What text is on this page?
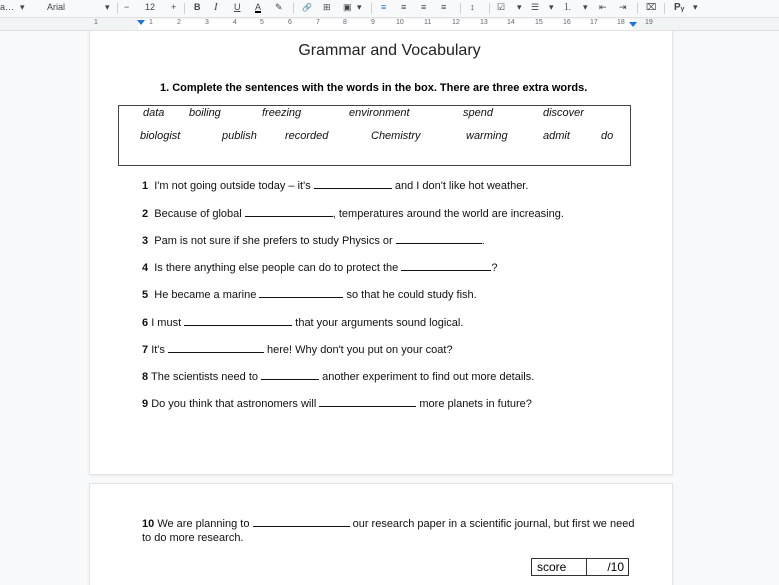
a… ▾ Arial	▾ − 12 + B I U A ✎ 🔗 ⊞ ▣ ▾ ≡ ≡ ≡ ≡	↕	☑ ▾ ☰ ▾ ⒈ ▾ ⇤ ⇥ ⌧ Pᵧ ▾
1	1	2	3	4	5	6	7	8	9	10	11	12	13	14	15	16	17	18	19
Grammar and Vocabulary
1. Complete the sentences with the words in the box. There are three extra words.
data boiling	freezing	environment	spend	discover
biologist	publish	recorded	Chemistry	warming	admit	do
1 I'm not going outside today – it's	and I don't like hot weather.
2 Because of global	, temperatures around the world are increasing.
3 Pam is not sure if she prefers to study Physics or	.
4 Is there anything else people can do to protect the	?
5 He became a marine	so that he could study fish.
6 I must	that your arguments sound logical.
7 It's	here! Why don't you put on your coat?
8 The scientists need to	another experiment to find out more details.
9 Do you think that astronomers will	more planets in future?
10 We are planning to	our research paper in a scientific journal, but first we need to do more research.
score	/10
